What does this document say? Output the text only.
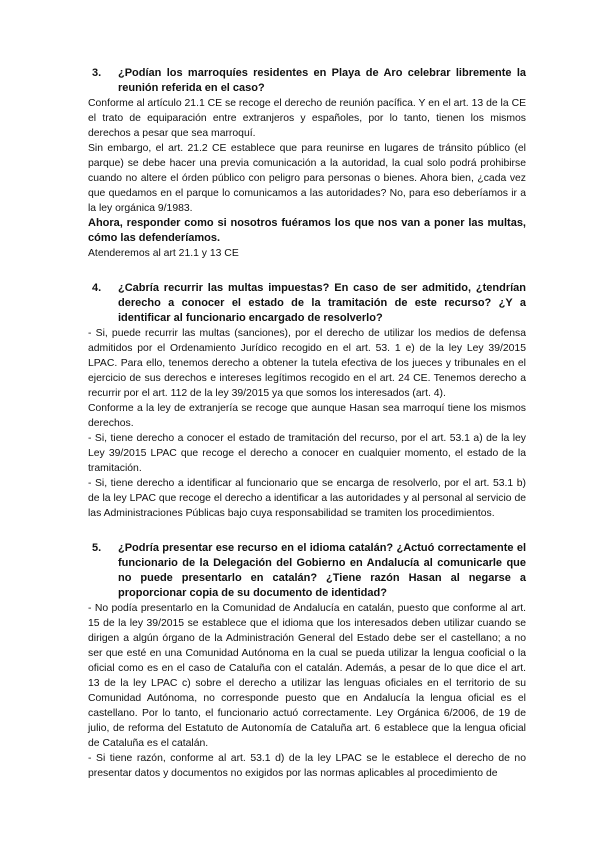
3.	¿Podían los marroquíes residentes en Playa de Aro celebrar libremente la reunión referida en el caso?

Conforme al artículo 21.1 CE se recoge el derecho de reunión pacífica. Y en el art. 13 de la CE el trato de equiparación entre extranjeros y españoles, por lo tanto, tienen los mismos derechos a pesar que sea marroquí.

Sin embargo, el art. 21.2 CE establece que para reunirse en lugares de tránsito público (el parque) se debe hacer una previa comunicación a la autoridad, la cual solo podrá prohibirse cuando no altere el órden público con peligro para personas o bienes. Ahora bien, ¿cada vez que quedamos en el parque lo comunicamos a las autoridades? No, para eso deberíamos ir a la ley orgánica 9/1983.

Ahora, responder como si nosotros fuéramos los que nos van a poner las multas, cómo las defenderíamos.

Atenderemos al art 21.1 y 13 CE

4.	¿Cabría recurrir las multas impuestas? En caso de ser admitido, ¿tendrían derecho a conocer el estado de la tramitación de este recurso? ¿Y a identificar al funcionario encargado de resolverlo?

- Si, puede recurrir las multas (sanciones), por el derecho de utilizar los medios de defensa admitidos por el Ordenamiento Jurídico recogido en el art. 53. 1 e) de la ley Ley 39/2015 LPAC. Para ello, tenemos derecho a obtener la tutela efectiva de los jueces y tribunales en el ejercicio de sus derechos e intereses legítimos recogido en el art. 24 CE. Tenemos derecho a recurrir por el art. 112 de la ley 39/2015 ya que somos los interesados (art. 4).

Conforme a la ley de extranjería se recoge que aunque Hasan sea marroquí tiene los mismos derechos.

- Si, tiene derecho a conocer el estado de tramitación del recurso, por el art. 53.1 a) de la ley Ley 39/2015 LPAC que recoge el derecho a conocer en cualquier momento, el estado de la tramitación.

- Si, tiene derecho a identificar al funcionario que se encarga de resolverlo, por el art. 53.1 b) de la ley LPAC que recoge el derecho a identificar a las autoridades y al personal al servicio de las Administraciones Públicas bajo cuya responsabilidad se tramiten los procedimientos.

5.	¿Podría presentar ese recurso en el idioma catalán? ¿Actuó correctamente el funcionario de la Delegación del Gobierno en Andalucía al comunicarle que no puede presentarlo en catalán? ¿Tiene razón Hasan al negarse a proporcionar copia de su documento de identidad?

- No podía presentarlo en la Comunidad de Andalucía en catalán, puesto que conforme al art. 15 de la ley 39/2015 se establece que el idioma que los interesados deben utilizar cuando se dirigen a algún órgano de la Administración General del Estado debe ser el castellano; a no ser que esté en una Comunidad Autónoma en la cual se pueda utilizar la lengua cooficial o la oficial como es en el caso de Cataluña con el catalán. Además, a pesar de lo que dice el art. 13 de la ley LPAC c) sobre el derecho a utilizar las lenguas oficiales en el territorio de su Comunidad Autónoma, no corresponde puesto que en Andalucía la lengua oficial es el castellano. Por lo tanto, el funcionario actuó correctamente. Ley Orgánica 6/2006, de 19 de julio, de reforma del Estatuto de Autonomía de Cataluña art. 6 establece que la lengua oficial de Cataluña es el catalán.

- Si tiene razón, conforme al art. 53.1 d) de la ley LPAC se le establece el derecho de no presentar datos y documentos no exigidos por las normas aplicables al procedimiento de
